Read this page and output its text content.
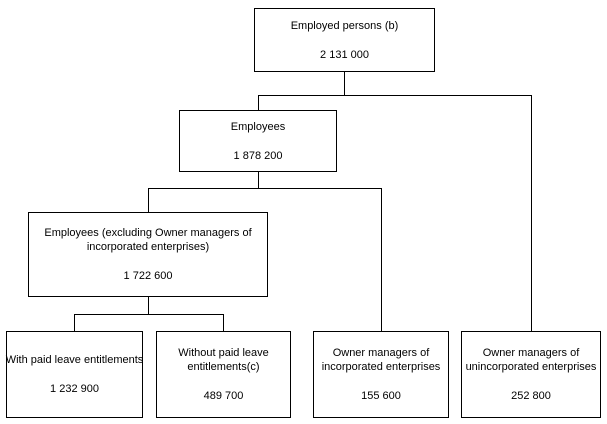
Employed persons (b)
2 131 000
Employees
1 878 200
Employees (excluding Owner managers of incorporated enterprises)
1 722 600
With paid leave entitlements
1 232 900
Without paid leave entitlements(c)
489 700
Owner managers of incorporated enterprises
155 600
Owner managers of unincorporated enterprises
252 800
